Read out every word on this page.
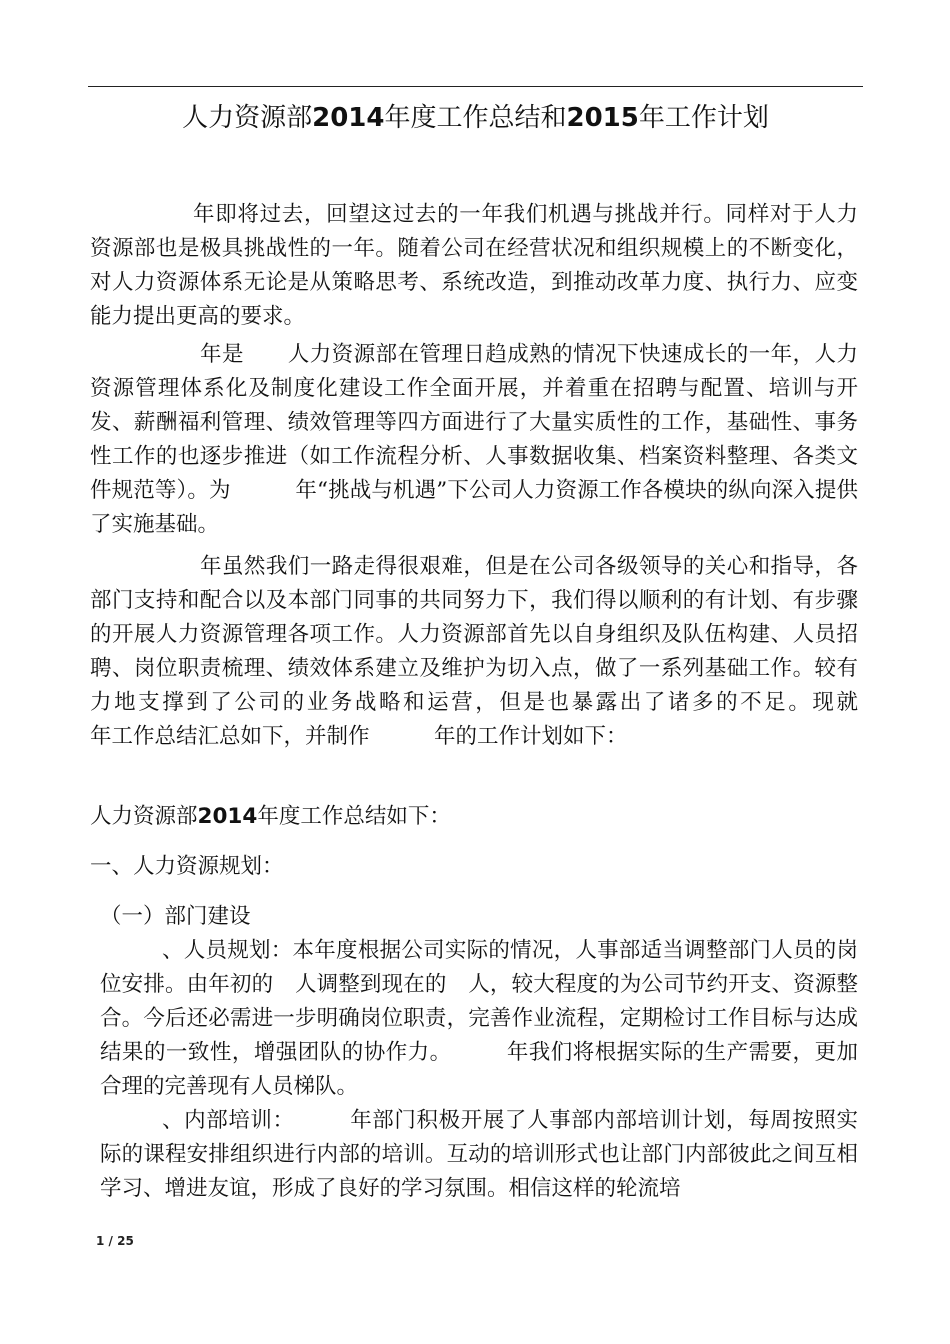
人力资源部2014年度工作总结和2015年工作计划
年即将过去，回望这过去的一年我们机遇与挑战并行。同样对于人力资源部也是极具挑战性的一年。随着公司在经营状况和组织规模上的不断变化，对人力资源体系无论是从策略思考、系统改造，到推动改革力度、执行力、应变能力提出更高的要求。
年是　　人力资源部在管理日趋成熟的情况下快速成长的一年，人力资源管理体系化及制度化建设工作全面开展，并着重在招聘与配置、培训与开发、薪酬福利管理、绩效管理等四方面进行了大量实质性的工作，基础性、事务性工作的也逐步推进（如工作流程分析、人事数据收集、档案资料整理、各类文件规范等）。为　　　年“挑战与机遇”下公司人力资源工作各模块的纵向深入提供了实施基础。
年虽然我们一路走得很艰难，但是在公司各级领导的关心和指导，各部门支持和配合以及本部门同事的共同努力下，我们得以顺利的有计划、有步骤的开展人力资源管理各项工作。人力资源部首先以自身组织及队伍构建、人员招聘、岗位职责梳理、绩效体系建立及维护为切入点，做了一系列基础工作。较有力地支撑到了公司的业务战略和运营，但是也暴露出了诸多的不足。现就　　　年工作总结汇总如下，并制作　　　年的工作计划如下：
人力资源部2014年度工作总结如下：
一、人力资源规划：
（一）部门建设
、人员规划：本年度根据公司实际的情况，人事部适当调整部门人员的岗位安排。由年初的　人调整到现在的　人，较大程度的为公司节约开支、资源整合。今后还必需进一步明确岗位职责，完善作业流程，定期检讨工作目标与达成结果的一致性，增强团队的协作力。　　　年我们将根据实际的生产需要，更加合理的完善现有人员梯队。
、内部培训：　　　年部门积极开展了人事部内部培训计划，每周按照实际的课程安排组织进行内部的培训。互动的培训形式也让部门内部彼此之间互相学习、增进友谊，形成了良好的学习氛围。相信这样的轮流培
1 / 25
